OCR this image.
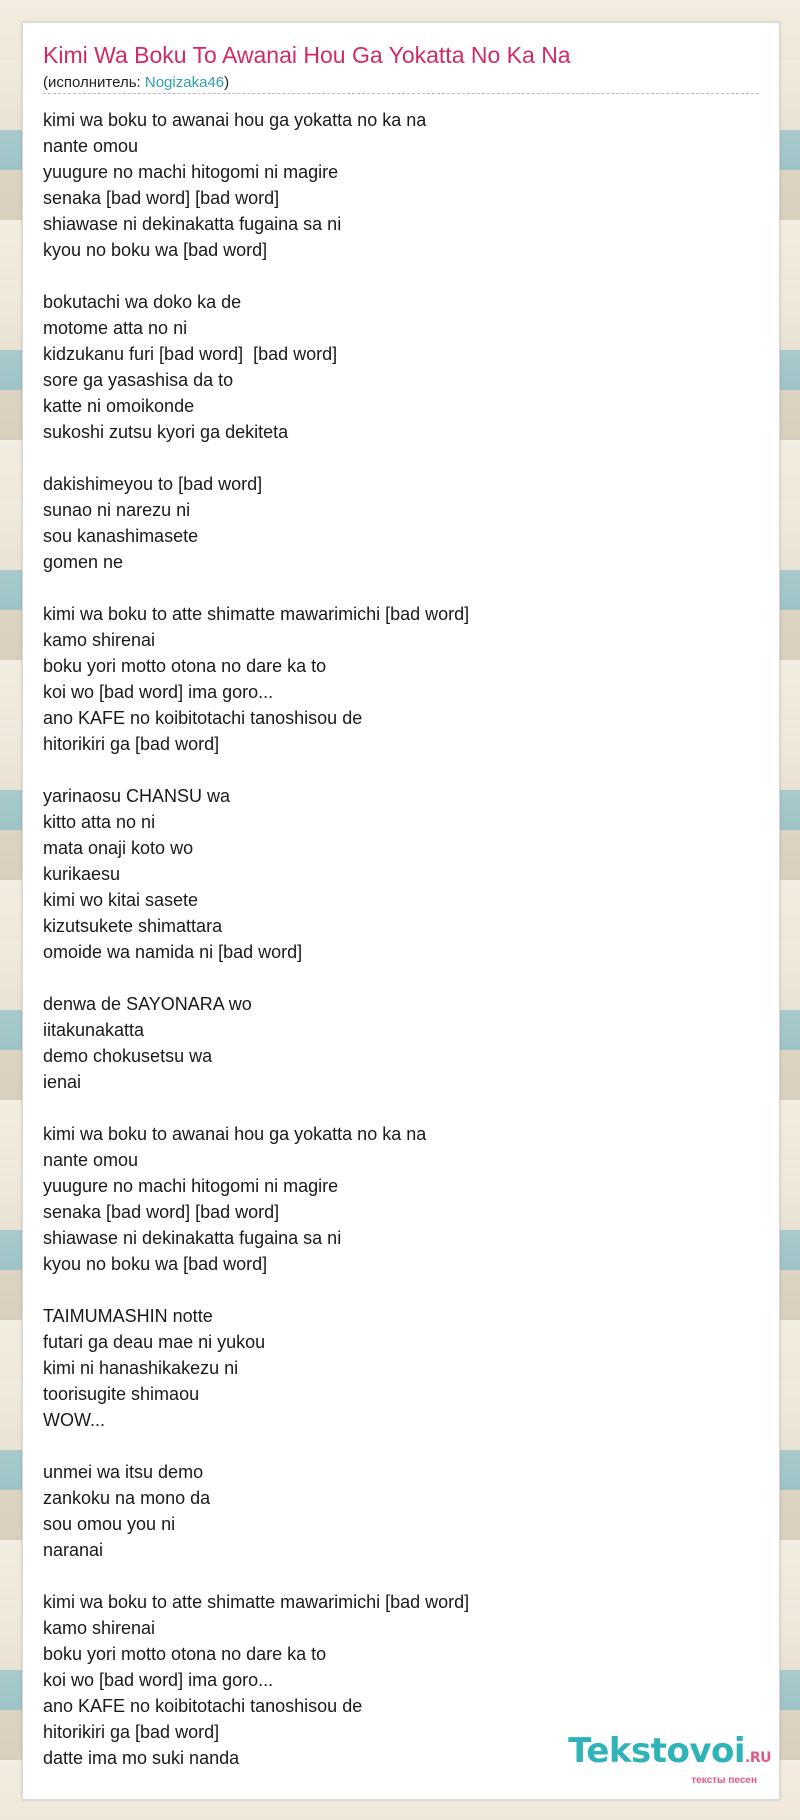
Kimi Wa Boku To Awanai Hou Ga Yokatta No Ka Na
(исполнитель: Nogizaka46)
kimi wa boku to awanai hou ga yokatta no ka na
nante omou
yuugure no machi hitogomi ni magire
senaka [bad word] [bad word]
shiawase ni dekinakatta fugaina sa ni
kyou no boku wa [bad word]
bokutachi wa doko ka de
motome atta no ni
kidzukanu furi [bad word]  [bad word]
sore ga yasashisa da to
katte ni omoikonde
sukoshi zutsu kyori ga dekiteta
dakishimeyou to [bad word]
sunao ni narezu ni
sou kanashimasete
gomen ne
kimi wa boku to atte shimatte mawarimichi [bad word]
kamo shirenai
boku yori motto otona no dare ka to
koi wo [bad word] ima goro...
ano KAFE no koibitotachi tanoshisou de
hitorikiri ga [bad word]
yarinaosu CHANSU wa
kitto atta no ni
mata onaji koto wo
kurikaesu
kimi wo kitai sasete
kizutsukete shimattara
omoide wa namida ni [bad word]
denwa de SAYONARA wo
iitakunakatta
demo chokusetsu wa
ienai
kimi wa boku to awanai hou ga yokatta no ka na
nante omou
yuugure no machi hitogomi ni magire
senaka [bad word] [bad word]
shiawase ni dekinakatta fugaina sa ni
kyou no boku wa [bad word]
TAIMUMASHIN notte
futari ga deau mae ni yukou
kimi ni hanashikakezu ni
toorisugite shimaou
WOW...
unmei wa itsu demo
zankoku na mono da
sou omou you ni
naranai
kimi wa boku to atte shimatte mawarimichi [bad word]
kamo shirenai
boku yori motto otona no dare ka to
koi wo [bad word] ima goro...
ano KAFE no koibitotachi tanoshisou de
hitorikiri ga [bad word]
datte ima mo suki nanda	Tekstovoi.RU
тексты песен
